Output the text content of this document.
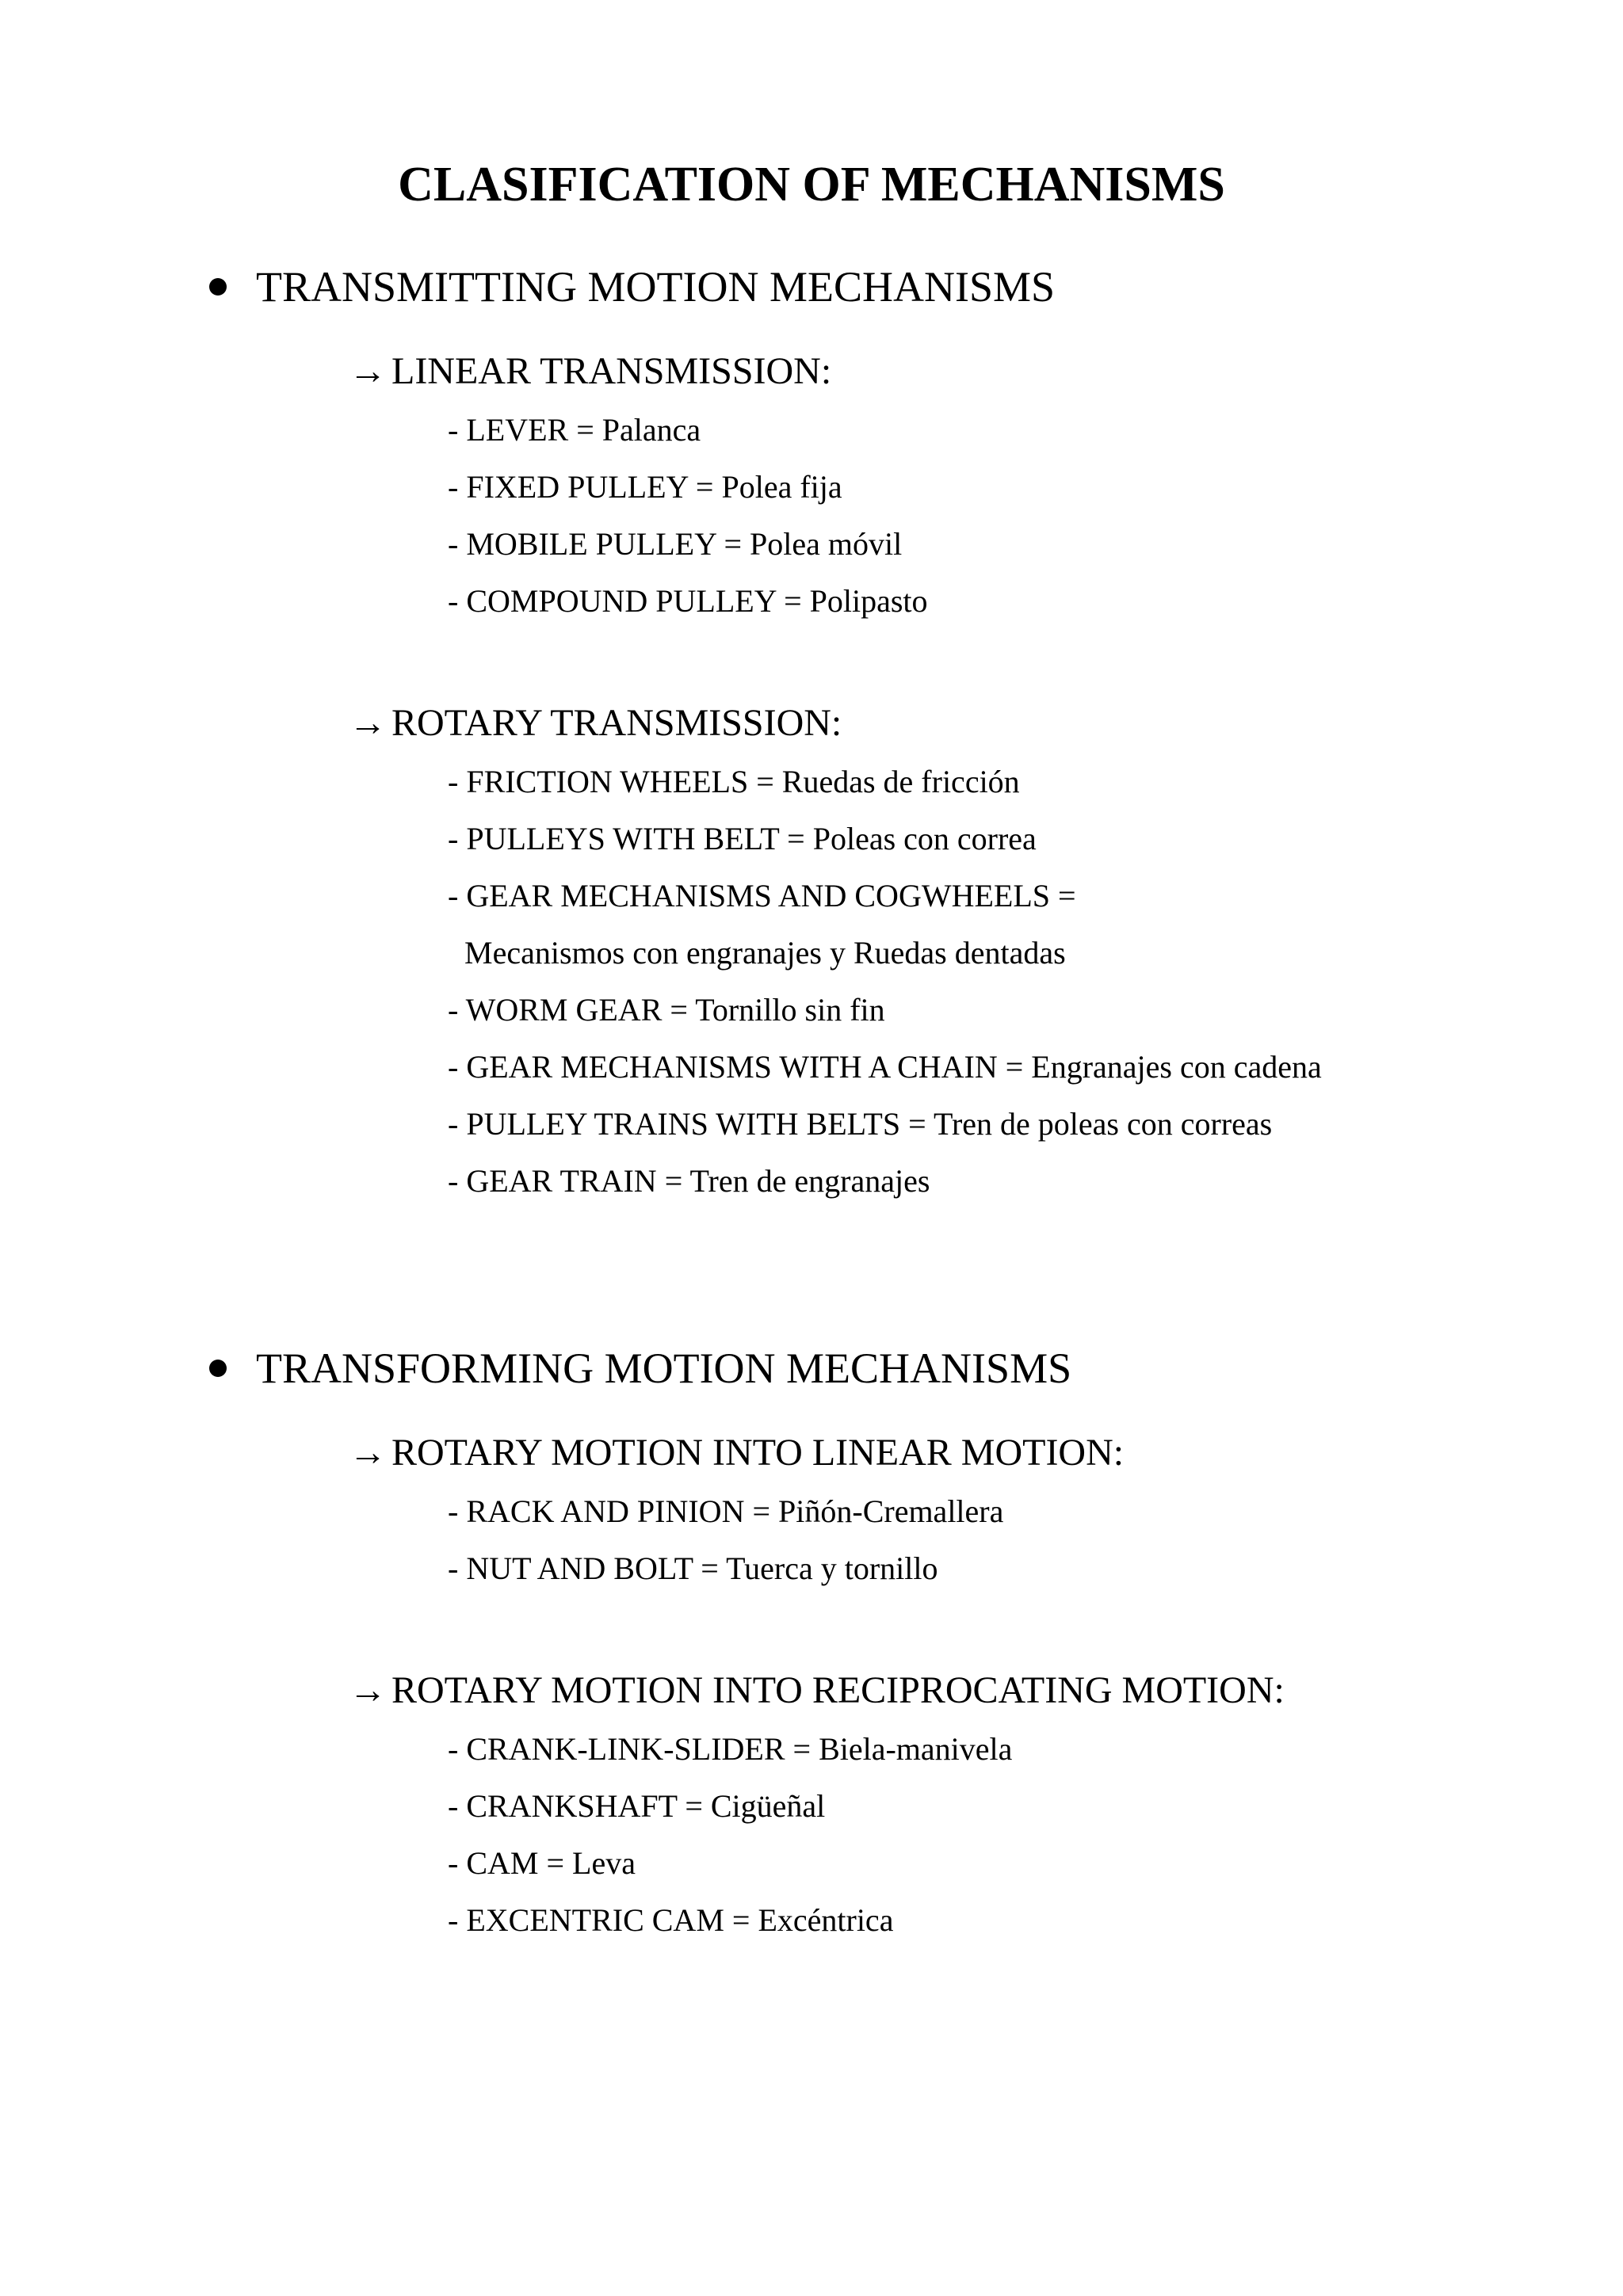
CLASIFICATION OF MECHANISMS
TRANSMITTING MOTION MECHANISMS
→ LINEAR TRANSMISSION:
- LEVER = Palanca
- FIXED PULLEY = Polea fija
- MOBILE PULLEY = Polea móvil
- COMPOUND PULLEY = Polipasto
→ ROTARY TRANSMISSION:
- FRICTION WHEELS = Ruedas de fricción
- PULLEYS WITH BELT = Poleas con correa
- GEAR MECHANISMS AND COGWHEELS =
Mecanismos con engranajes y Ruedas dentadas
- WORM GEAR = Tornillo sin fin
- GEAR MECHANISMS WITH A CHAIN = Engranajes con cadena
- PULLEY TRAINS WITH BELTS = Tren de poleas con correas
- GEAR TRAIN = Tren de engranajes
TRANSFORMING MOTION MECHANISMS
→ ROTARY MOTION INTO LINEAR MOTION:
- RACK AND PINION = Piñón-Cremallera
- NUT AND BOLT = Tuerca y tornillo
→ ROTARY MOTION INTO RECIPROCATING MOTION:
- CRANK-LINK-SLIDER = Biela-manivela
- CRANKSHAFT = Cigüeñal
- CAM = Leva
- EXCENTRIC CAM = Excéntrica
